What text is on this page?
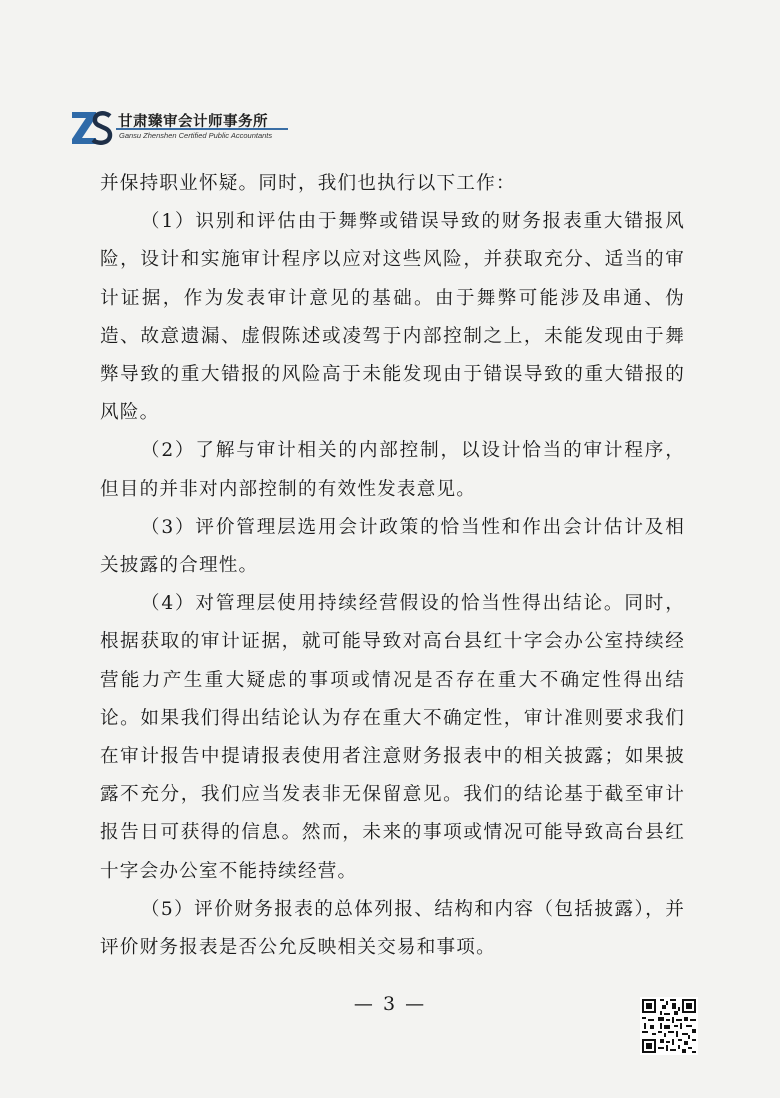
甘肃臻审会计师事务所
Gansu Zhenshen Certified Public Accountants

并保持职业怀疑。同时，我们也执行以下工作：

（1）识别和评估由于舞弊或错误导致的财务报表重大错报风险，设计和实施审计程序以应对这些风险，并获取充分、适当的审计证据，作为发表审计意见的基础。由于舞弊可能涉及串通、伪造、故意遗漏、虚假陈述或凌驾于内部控制之上，未能发现由于舞弊导致的重大错报的风险高于未能发现由于错误导致的重大错报的风险。

（2）了解与审计相关的内部控制，以设计恰当的审计程序，但目的并非对内部控制的有效性发表意见。

（3）评价管理层选用会计政策的恰当性和作出会计估计及相关披露的合理性。

（4）对管理层使用持续经营假设的恰当性得出结论。同时，根据获取的审计证据，就可能导致对高台县红十字会办公室持续经营能力产生重大疑虑的事项或情况是否存在重大不确定性得出结论。如果我们得出结论认为存在重大不确定性，审计准则要求我们在审计报告中提请报表使用者注意财务报表中的相关披露；如果披露不充分，我们应当发表非无保留意见。我们的结论基于截至审计报告日可获得的信息。然而，未来的事项或情况可能导致高台县红十字会办公室不能持续经营。

（5）评价财务报表的总体列报、结构和内容（包括披露），并评价财务报表是否公允反映相关交易和事项。

— 3 —
